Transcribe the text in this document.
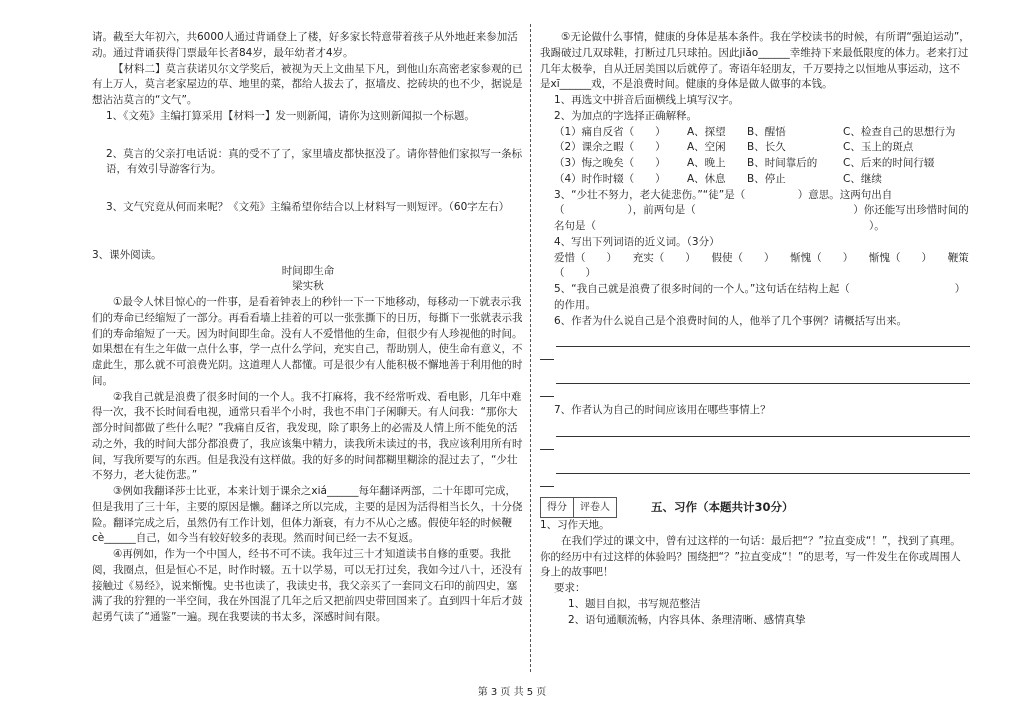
请。截至大年初六，共6000人通过背诵登上了楼，好多家长特意带着孩子从外地赶来参加活动。通过背诵获得门票最年长者84岁，最年幼者才4岁。

【材料二】莫言获诺贝尔文学奖后，被视为天上文曲星下凡，到他山东高密老家参观的已有上万人，莫言老家屋边的草、地里的菜，都给人拔去了，抠墙皮、挖砖块的也不少，据说是想沾沾莫言的“文气”。

1、《文苑》主编打算采用【材料一】发一则新闻，请你为这则新闻拟一个标题。

2、莫言的父亲打电话说：真的受不了了，家里墙皮都快抠没了。请你替他们家拟写一条标语，有效引导游客行为。

3、文气究竟从何而来呢？《文苑》主编希望你结合以上材料写一则短评。（60字左右）

3、课外阅读。

时间即生命

梁实秋

①最令人怵目惊心的一件事，是看着钟表上的秒针一下一下地移动，每移动一下就表示我们的寿命已经缩短了一部分。再看看墙上挂着的可以一张张撕下的日历，每撕下一张就表示我们的寿命缩短了一天。因为时间即生命。没有人不爱惜他的生命，但很少有人珍视他的时间。如果想在有生之年做一点什么事，学一点什么学问，充实自己，帮助别人，使生命有意义，不虚此生，那么就不可浪费光阴。这道理人人都懂。可是很少有人能积极不懈地善于利用他的时间。

②我自己就是浪费了很多时间的一个人。我不打麻将，我不经常听戏、看电影，几年中难得一次，我不长时间看电视，通常只看半个小时，我也不串门子闲聊天。有人问我：“那你大部分时间都做了些什么呢？”我痛自反省，我发现，除了职务上的必需及人情上所不能免的活动之外，我的时间大部分都浪费了，我应该集中精力，读我所未读过的书，我应该利用所有时间，写我所要写的东西。但是我没有这样做。我的好多的时间都糊里糊涂的混过去了，“少壮不努力，老大徒伤悲。”

③例如我翻译莎士比亚，本来计划于课余之xiá______每年翻译两部，二十年即可完成，但是我用了三十年，主要的原因是懒。翻译之所以完成，主要的是因为活得相当长久，十分侥险。翻译完成之后，虽然仍有工作计划，但体力渐衰，有力不从心之感。假使年轻的时候鞭cè______自己，如今当有较好较多的表现。然而时间已经一去不复返。

④再例如，作为一个中国人，经书不可不读。我年过三十才知道读书自修的重要。我批阅，我圈点，但是恒心不足，时作时辍。五十以学易，可以无打过矣，我如今过八十，还没有接触过《易经》，说来惭愧。史书也读了，我读史书，我父亲买了一套同文石印的前四史，塞满了我的狞狸的一半空间，我在外国混了几年之后又把前四史带回国来了。直到四十年后才鼓起勇气读了“通鉴”一遍。现在我要读的书太多，深感时间有限。

⑤无论做什么事情，健康的身体是基本条件。我在学校读书的时候，有所谓“强迫运动”，我踢破过几双球鞋，打断过几只球拍。因此jiǎo______幸维持下来最低限度的体力。老来打过几年太极拳，自从迁居美国以后就停了。寄语年轻朋友，千万要持之以恒地从事运动，这不是xī______戏，不是浪费时间。健康的身体是做人做事的本钱。

1、再选文中拼音后面横线上填写汉字。

2、为加点的字选择正确解释。

（1）痛自反省（　　）	A、探望	B、醒悟	C、检查自己的思想行为
（2）课余之暇（　　）	A、空闲	B、长久	C、玉上的斑点
（3）悔之晚矣（　　）	A、晚上	B、时间靠后的	C、后来的时间行辍
（4）时作时辍（　　）	A、休息	B、停止	C、继续

3、“少壮不努力，老大徒悲伤。”“徒”是（　　　　　）意思。这两句出自（　　　　　　），前两句是（　　　　　　　　　　　　　　　）你还能写出珍惜时间的名句是（　　　　　　　　　　　　　　　　　　　　　　　　　　）。

4、写出下列词语的近义词。（3分）

爱惜（　　）　　充实（　　）　　假使（　　）　　惭愧（　　）　　惭愧（　　）　　鞭策（　　）

5、“我自己就是浪费了很多时间的一个人。”这句话在结构上起（　　　　　　　　　　）的作用。

6、作者为什么说自己是个浪费时间的人，他举了几个事例？请概括写出来。

7、作者认为自己的时间应该用在哪些事情上？

得分	评卷人	五、习作（本题共计30分）

1、习作天地。

在我们学过的课文中，曾有过这样的一句话：最后把“？”拉直变成“！”，找到了真理。你的经历中有过这样的体验吗？围绕把“？”拉直变成“！”的思考，写一件发生在你或周围人身上的故事吧！

要求：

1、题目自拟，书写规范整洁

2、语句通顺流畅，内容具体、条理清晰、感情真挚

第 3 页 共 5 页
